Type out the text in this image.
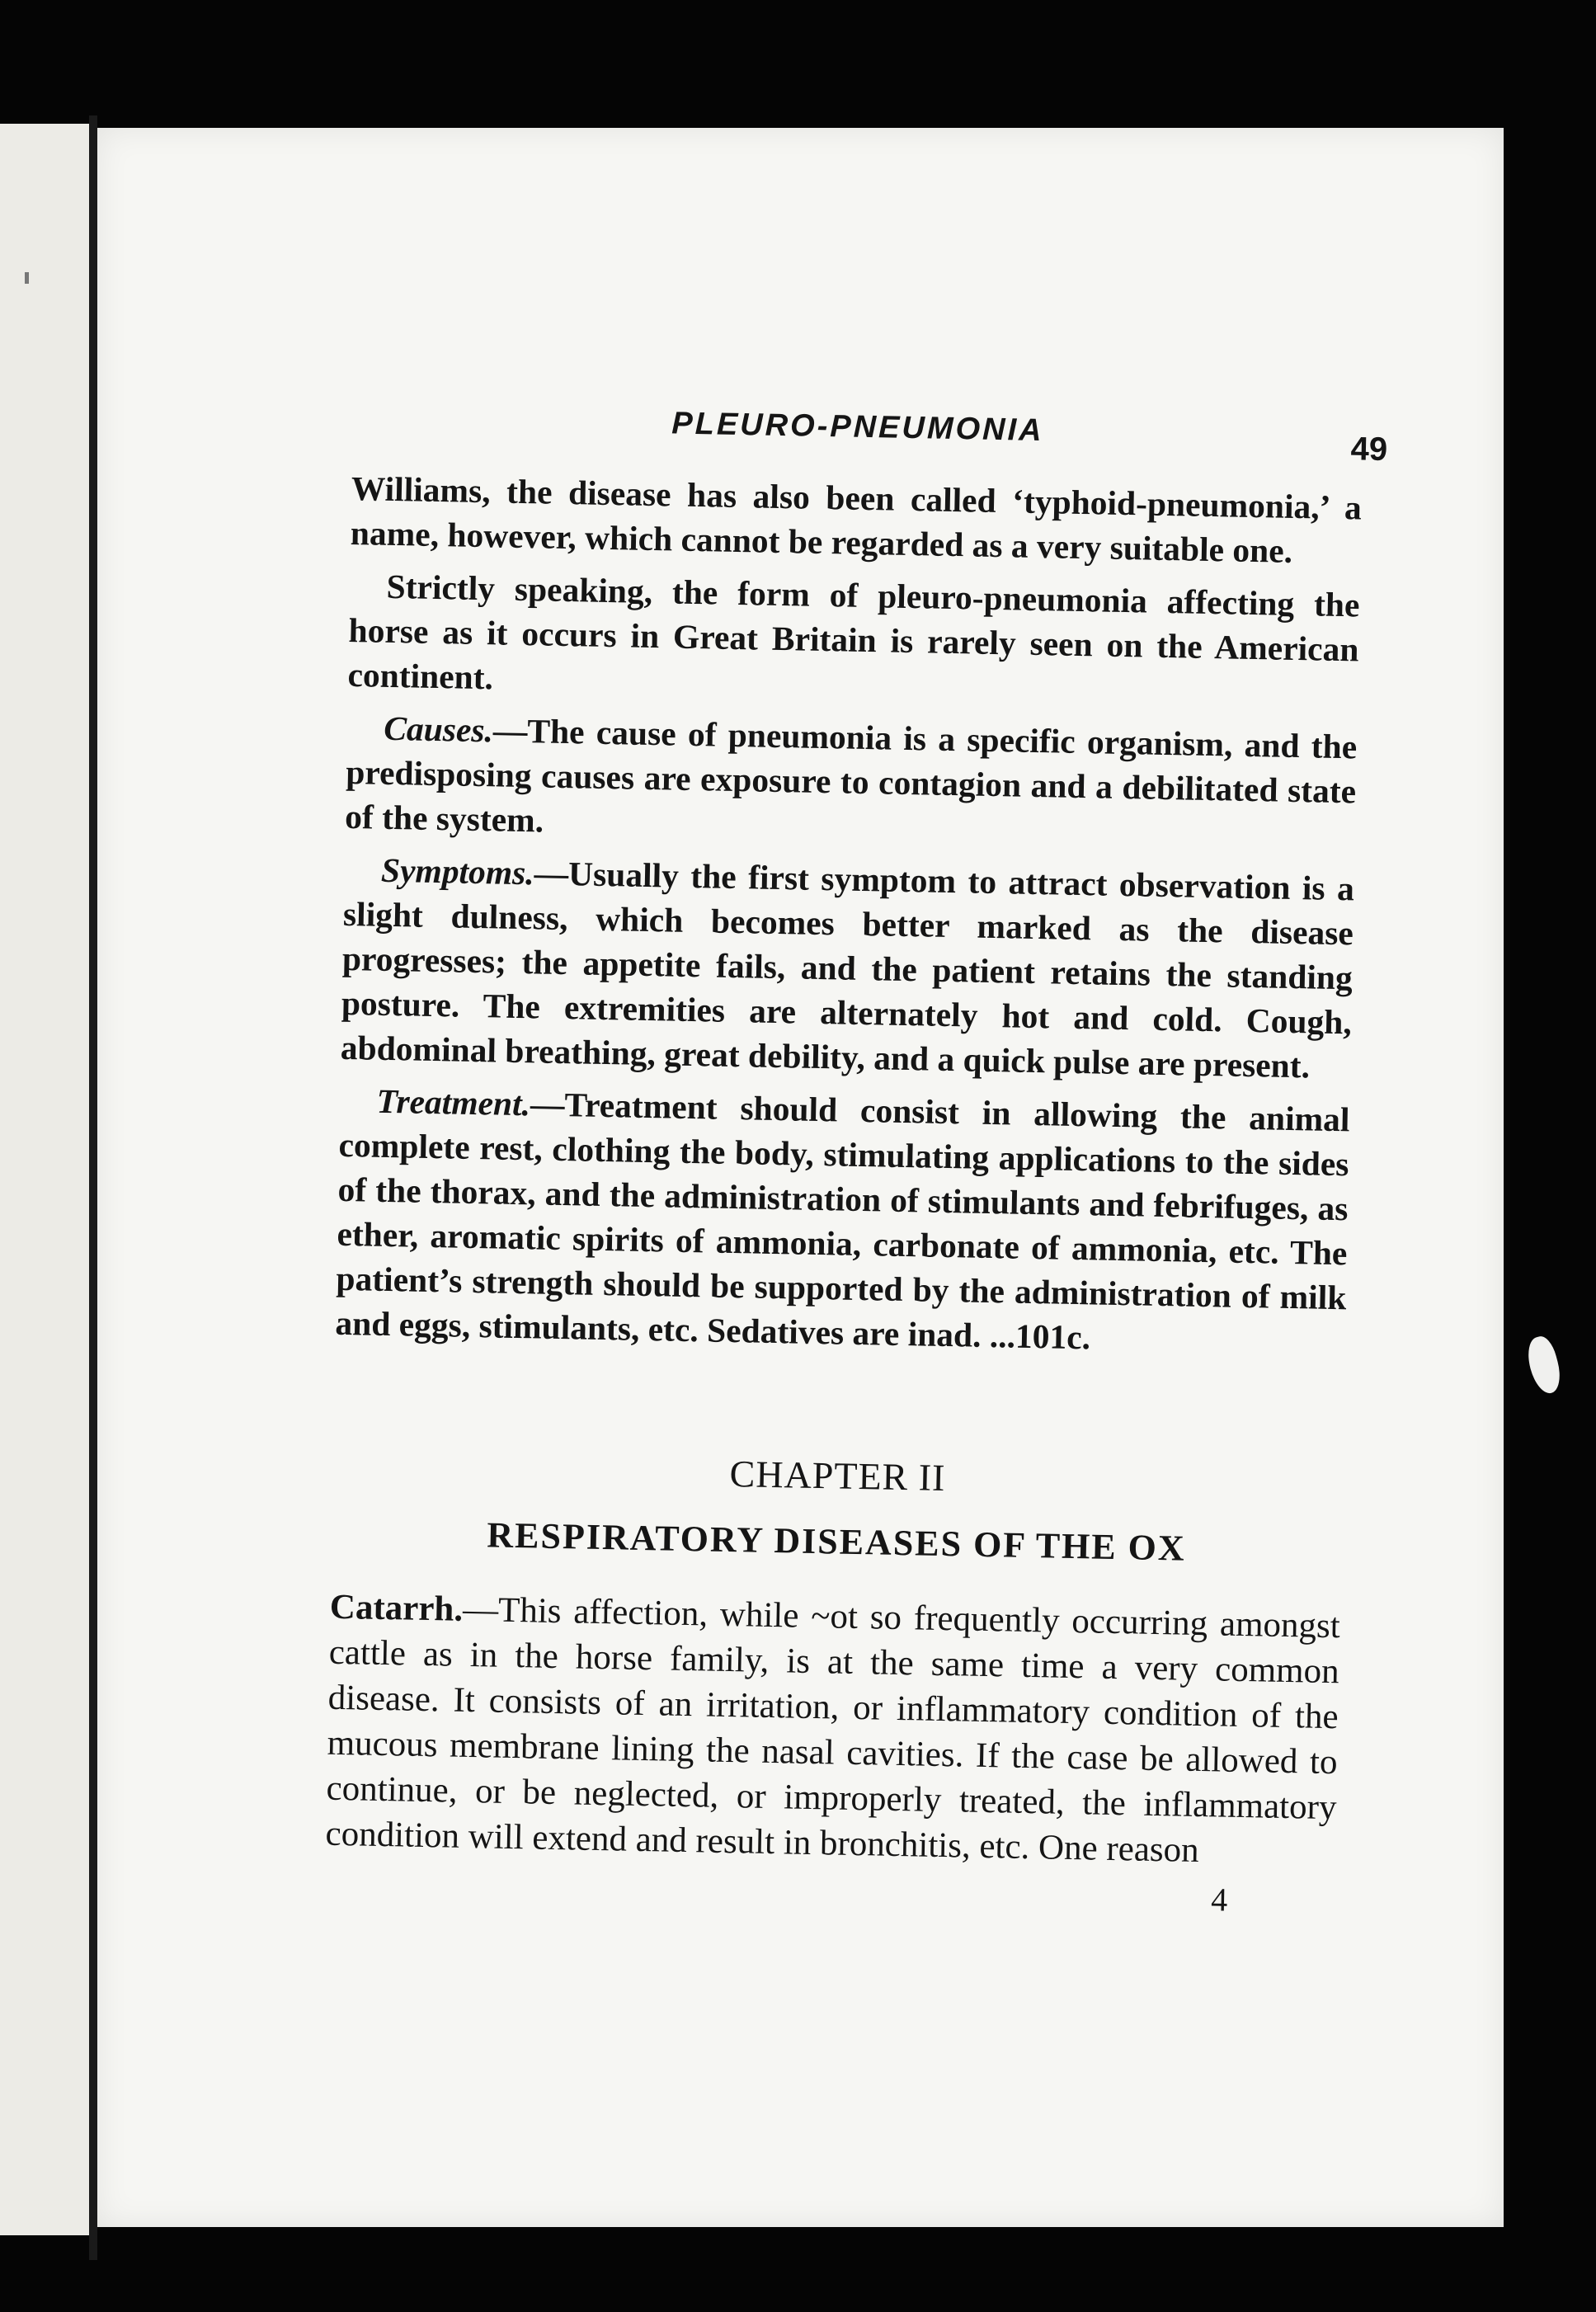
PLEURO-PNEUMONIA
49

Williams, the disease has also been called ‘typhoid-pneumonia,’ a name, however, which cannot be regarded as a very suitable one.

Strictly speaking, the form of pleuro-pneumonia affecting the horse as it occurs in Great Britain is rarely seen on the American continent.

Causes.—The cause of pneumonia is a specific organism, and the predisposing causes are exposure to contagion and a debilitated state of the system.

Symptoms.—Usually the first symptom to attract observation is a slight dulness, which becomes better marked as the disease progresses; the appetite fails, and the patient retains the standing posture. The extremities are alternately hot and cold. Cough, abdominal breathing, great debility, and a quick pulse are present.

Treatment.—Treatment should consist in allowing the animal complete rest, clothing the body, stimulating applications to the sides of the thorax, and the administration of stimulants and febrifuges, as ether, aromatic spirits of ammonia, carbonate of ammonia, etc. The patient’s strength should be supported by the administration of milk and eggs, stimulants, etc. Sedatives are inad. ...101c.

CHAPTER II
RESPIRATORY DISEASES OF THE OX

Catarrh.—This affection, while ~ot so frequently occurring amongst cattle as in the horse family, is at the same time a very common disease. It consists of an irritation, or inflammatory condition of the mucous membrane lining the nasal cavities. If the case be allowed to continue, or be neglected, or improperly treated, the inflammatory condition will extend and result in bronchitis, etc. One reason

4
